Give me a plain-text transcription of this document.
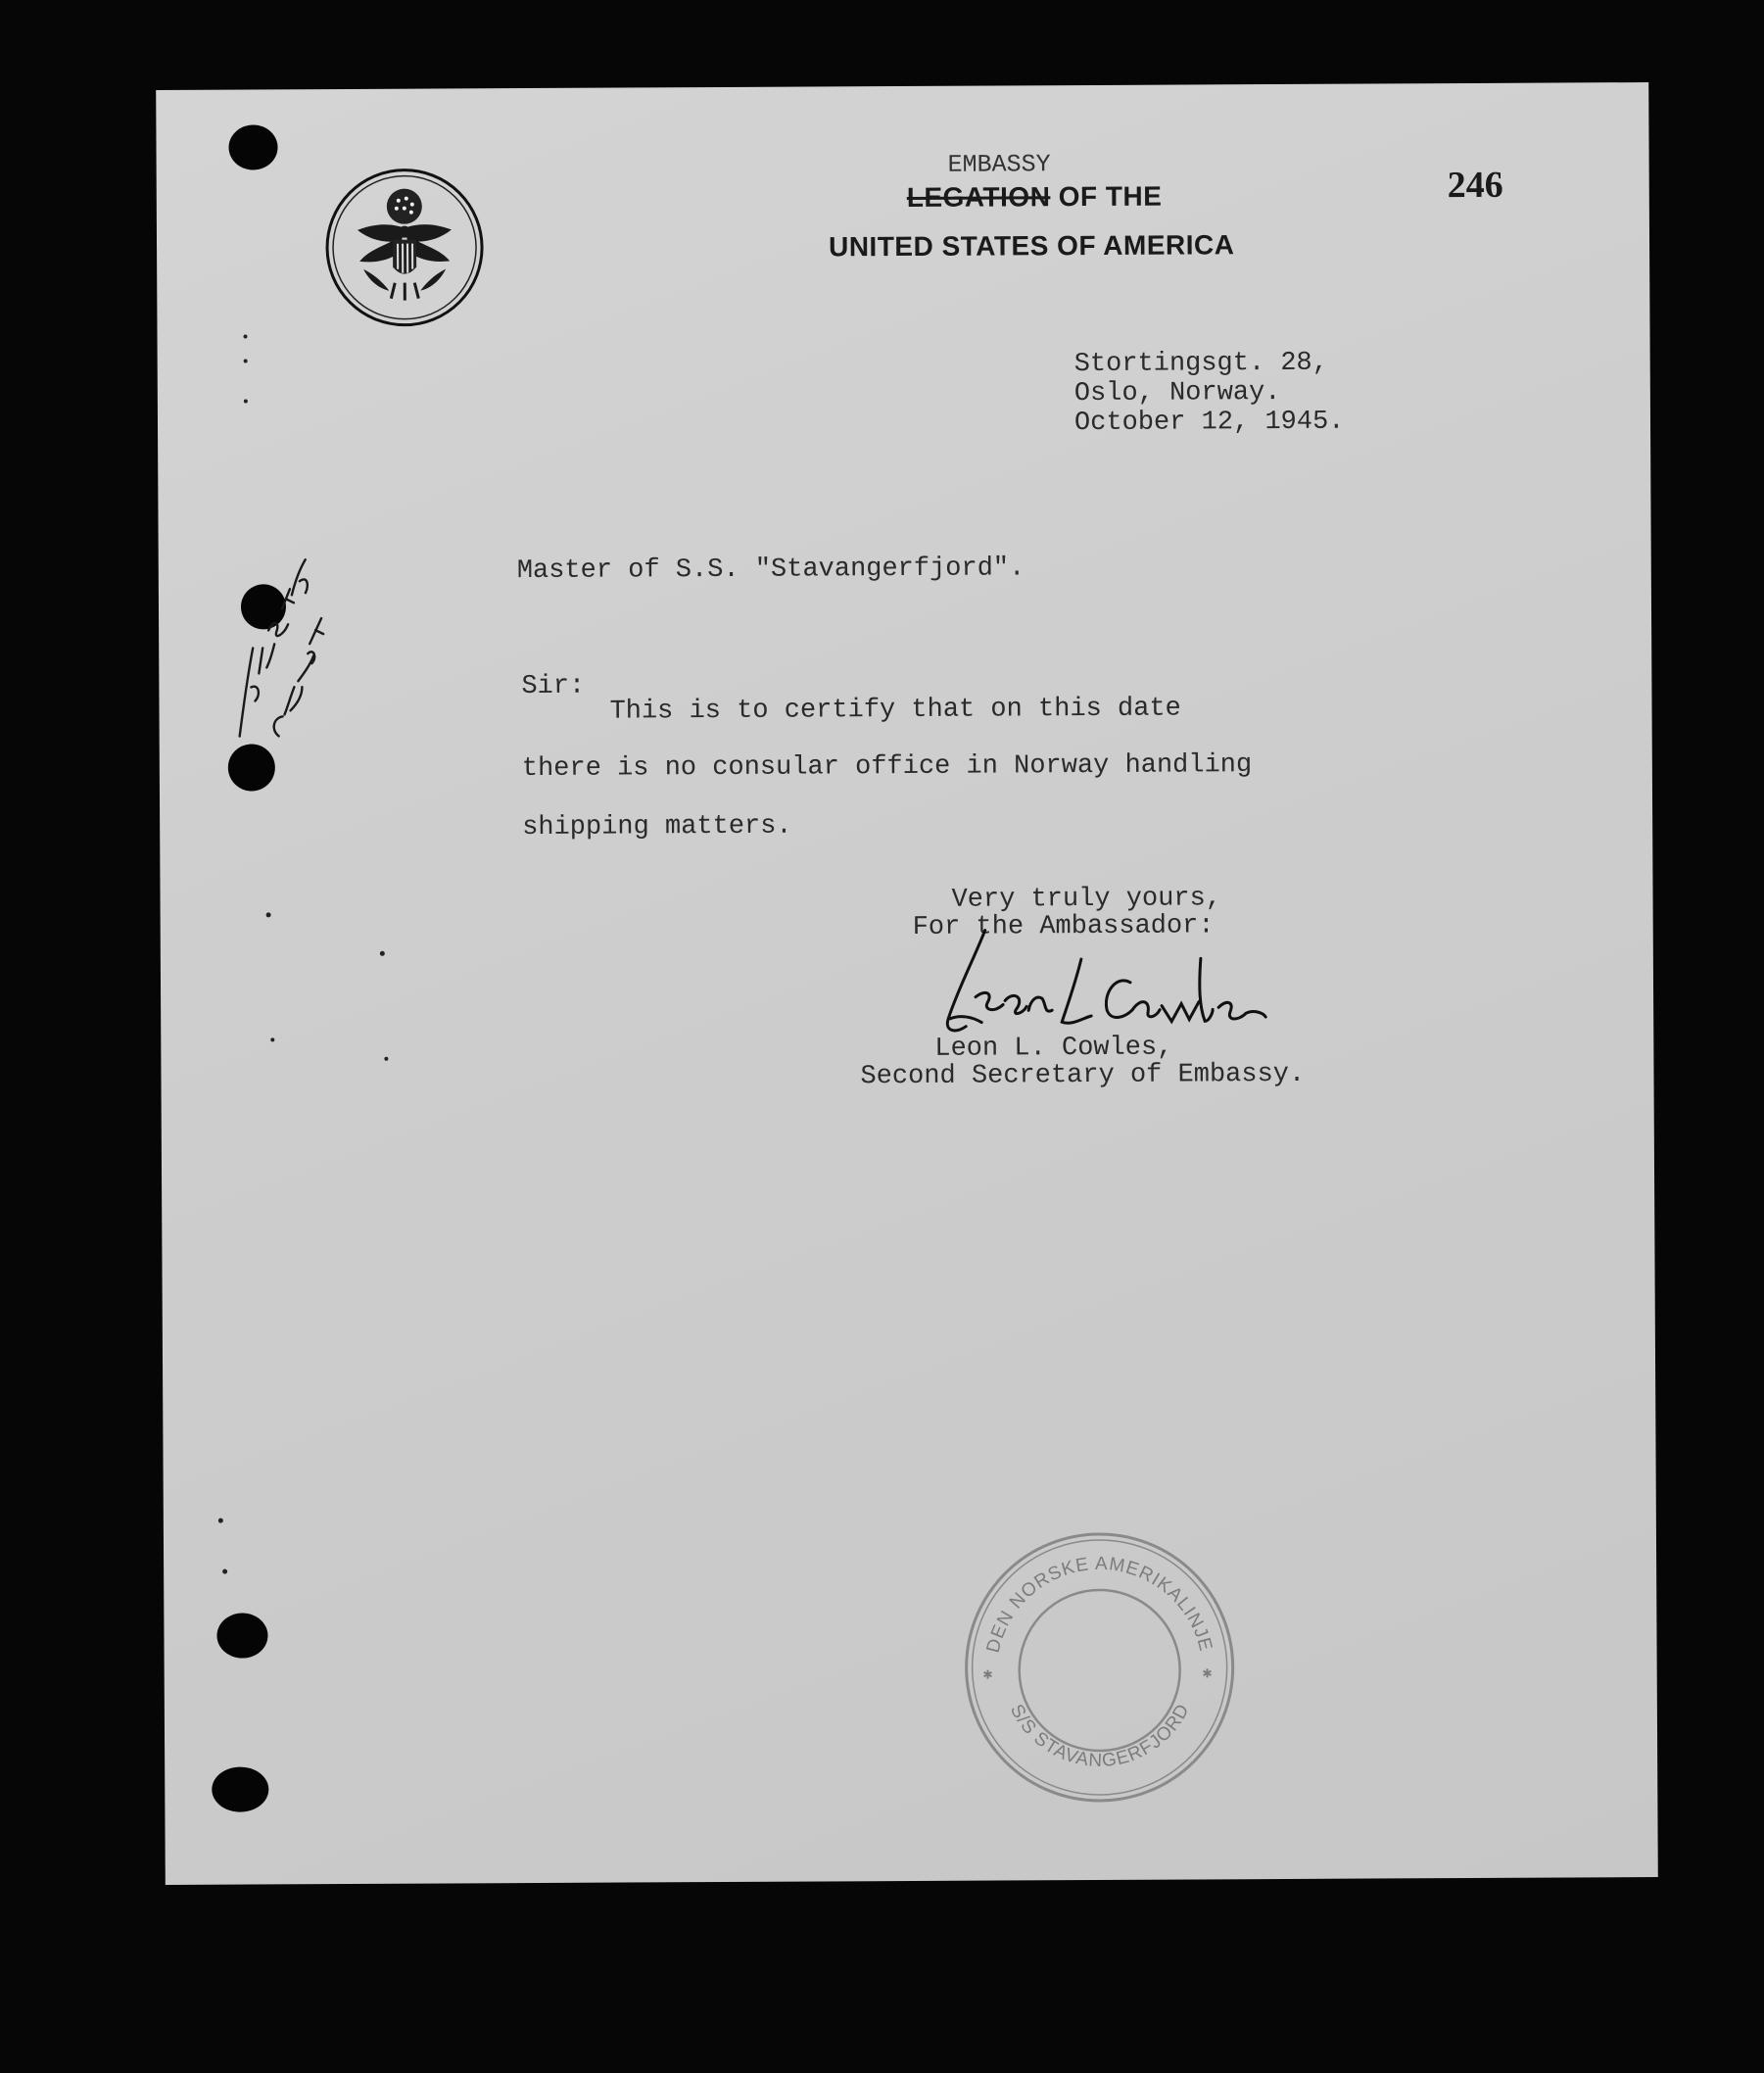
EMBASSY
LEGATION OF THE
UNITED STATES OF AMERICA
246
Stortingsgt. 28,
Oslo, Norway.
October 12, 1945.
Master of S.S. "Stavangerfjord".
Sir:
This is to certify that on this date
there is no consular office in Norway handling
shipping matters.
Very truly yours,
For the Ambassador:
Leon L. Cowles,
Second Secretary of Embassy.
DEN NORSKE AMERIKALINJE
S/S STAVANGERFJORD
✱	✱
